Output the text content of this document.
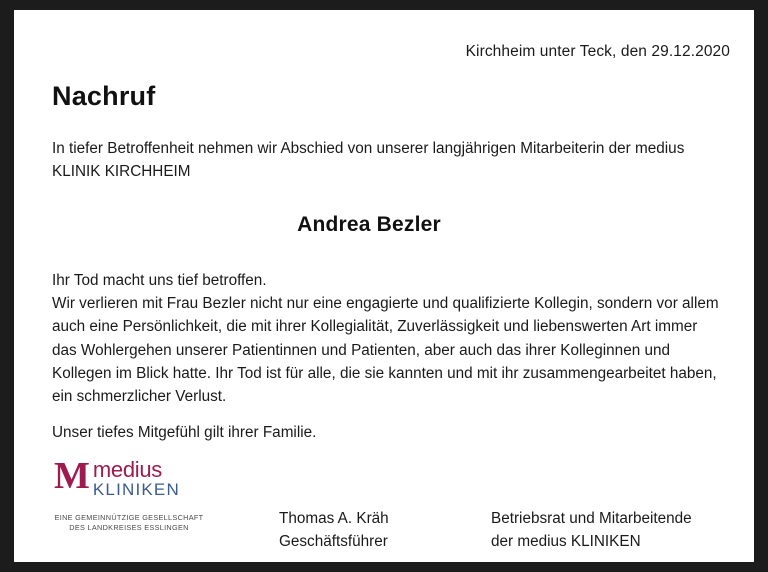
Kirchheim unter Teck, den 29.12.2020
Nachruf
In tiefer Betroffenheit nehmen wir Abschied von unserer langjährigen Mitarbeiterin der medius KLINIK KIRCHHEIM
Andrea Bezler
Ihr Tod macht uns tief betroffen.
Wir verlieren mit Frau Bezler nicht nur eine engagierte und qualifizierte Kollegin, sondern vor allem auch eine Persönlichkeit, die mit ihrer Kollegialität, Zuverlässigkeit und liebenswerten Art immer das Wohlergehen unserer Patientinnen und Patienten, aber auch das ihrer Kolleginnen und Kollegen im Blick hatte. Ihr Tod ist für alle, die sie kannten und mit ihr zusammengearbeitet haben, ein schmerzlicher Verlust.
Unser tiefes Mitgefühl gilt ihrer Familie.
M medius
KLINIKEN
EINE GEMEINNÜTZIGE GESELLSCHAFT
DES LANDKREISES ESSLINGEN
Thomas A. Kräh
Geschäftsführer
Betriebsrat und Mitarbeitende
der medius KLINIKEN
